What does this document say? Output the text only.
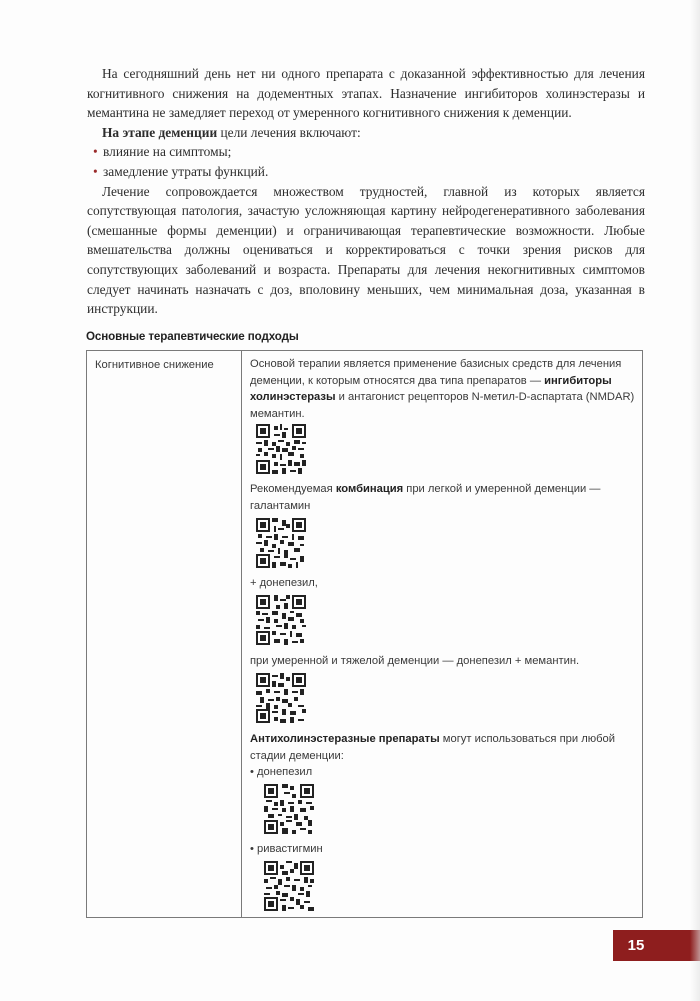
На сегодняшний день нет ни одного препарата с доказанной эффективностью для лечения когнитивного снижения на додементных этапах. Назначение ингибиторов холинэстеразы и мемантина не замедляет переход от умеренного когнитивного снижения к деменции.

На этапе деменции цели лечения включают:

• влияние на симптомы;
• замедление утраты функций.

Лечение сопровождается множеством трудностей, главной из которых является сопутствующая патология, зачастую усложняющая картину нейродегенеративного заболевания (смешанные формы деменции) и ограничивающая терапевтические возможности. Любые вмешательства должны оцениваться и корректироваться с точки зрения рисков для сопутствующих заболеваний и возраста. Препараты для лечения некогнитивных симптомов следует начинать назначать с доз, вполовину меньших, чем минимальная доза, указанная в инструкции.

Основные терапевтические подходы
Когнитивное снижение	Основой терапии является применение базисных средств для лечения деменции, к которым относятся два типа препаратов — ингибиторы холинэстеразы и антагонист рецепторов N-метил-D-аспартата (NMDAR) мемантин.

Рекомендуемая комбинация при легкой и умеренной деменции — галантамин

+ донепезил,

при умеренной и тяжелой деменции — донепезил + мемантин.

Антихолинэстеразные препараты могут использоваться при любой стадии деменции:

• донепезил

• ривастигмин

15
